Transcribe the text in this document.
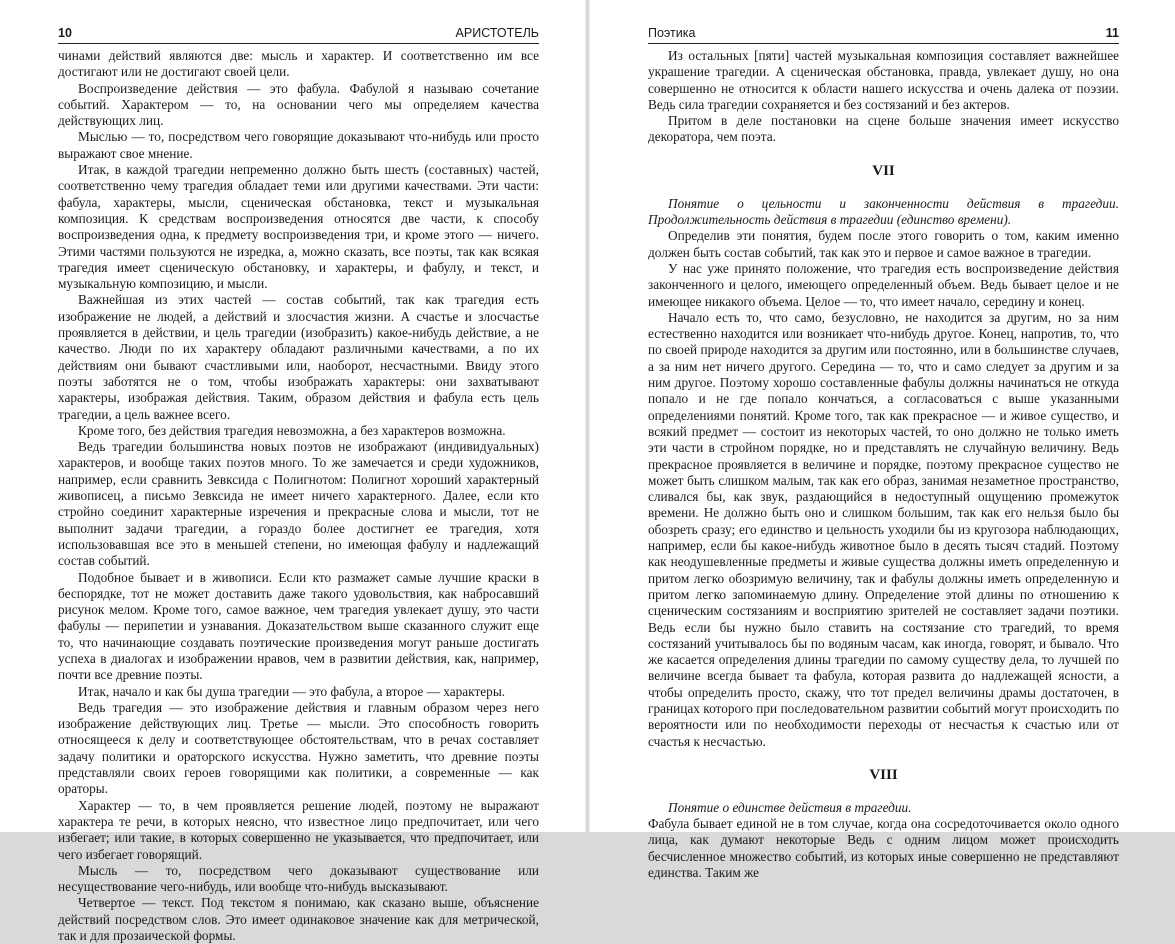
10	АРИСТОТЕЛЬ

чинами действий являются две: мысль и характер. И соответственно им все достигают или не достигают своей цели.

Воспроизведение действия — это фабула. Фабулой я называю сочетание событий. Характером — то, на основании чего мы определяем качества действующих лиц.

Мыслью — то, посредством чего говорящие доказывают что-нибудь или просто выражают свое мнение.

Итак, в каждой трагедии непременно должно быть шесть (составных) частей, соответственно чему трагедия обладает теми или другими качествами. Эти части: фабула, характеры, мысли, сценическая обстановка, текст и музыкальная композиция. К средствам воспроизведения относятся две части, к способу воспроизведения одна, к предмету воспроизведения три, и кроме этого — ничего. Этими частями пользуются не изредка, а, можно сказать, все поэты, так как всякая трагедия имеет сценическую обстановку, и характеры, и фабулу, и текст, и музыкальную композицию, и мысли.

Важнейшая из этих частей — состав событий, так как трагедия есть изображение не людей, а действий и злосчастия жизни. А счастье и злосчастье проявляется в действии, и цель трагедии (изобразить) какое-нибудь действие, а не качество. Люди по их характеру обладают различными качествами, а по их действиям они бывают счастливыми или, наоборот, несчастными. Ввиду этого поэты заботятся не о том, чтобы изображать характеры: они захватывают характеры, изображая действия. Таким, образом действия и фабула есть цель трагедии, а цель важнее всего.

Кроме того, без действия трагедия невозможна, а без характеров возможна.

Ведь трагедии большинства новых поэтов не изображают (индивидуальных) характеров, и вообще таких поэтов много. То же замечается и среди художников, например, если сравнить Зевксида с Полигнотом: Полигнот хороший характерный живописец, а письмо Зевксида не имеет ничего характерного. Далее, если кто стройно соединит характерные изречения и прекрасные слова и мысли, тот не выполнит задачи трагедии, а гораздо более достигнет ее трагедия, хотя использовавшая все это в меньшей степени, но имеющая фабулу и надлежащий состав событий.

Подобное бывает и в живописи. Если кто размажет самые лучшие краски в беспорядке, тот не может доставить даже такого удовольствия, как набросавший рисунок мелом. Кроме того, самое важное, чем трагедия увлекает душу, это части фабулы — перипетии и узнавания. Доказательством выше сказанного служит еще то, что начинающие создавать поэтические произведения могут раньше достигать успеха в диалогах и изображении нравов, чем в развитии действия, как, например, почти все древние поэты.

Итак, начало и как бы душа трагедии — это фабула, а второе — характеры.

Ведь трагедия — это изображение действия и главным образом через него изображение действующих лиц. Третье — мысли. Это способность говорить относящееся к делу и соответствующее обстоятельствам, что в речах составляет задачу политики и ораторского искусства. Нужно заметить, что древние поэты представляли своих героев говорящими как политики, а современные — как ораторы.

Характер — то, в чем проявляется решение людей, поэтому не выражают характера те речи, в которых неясно, что известное лицо предпочитает, или чего избегает; или такие, в которых совершенно не указывается, что предпочитает, или чего избегает говорящий.

Мысль — то, посредством чего доказывают существование или несуществование чего-нибудь, или вообще что-нибудь высказывают.

Четвертое — текст. Под текстом я понимаю, как сказано выше, объяснение действий посредством слов. Это имеет одинаковое значение как для метрической, так и для прозаической формы.

Поэтика	11

Из остальных [пяти] частей музыкальная композиция составляет важнейшее украшение трагедии. А сценическая обстановка, правда, увлекает душу, но она совершенно не относится к области нашего искусства и очень далека от поэзии. Ведь сила трагедии сохраняется и без состязаний и без актеров.

Притом в деле постановки на сцене больше значения имеет искусство декоратора, чем поэта.

VII

Понятие о цельности и законченности действия в трагедии. Продолжительность действия в трагедии (единство времени).

Определив эти понятия, будем после этого говорить о том, каким именно должен быть состав событий, так как это и первое и самое важное в трагедии.

У нас уже принято положение, что трагедия есть воспроизведение действия законченного и целого, имеющего определенный объем. Ведь бывает целое и не имеющее никакого объема. Целое — то, что имеет начало, середину и конец.

Начало есть то, что само, безусловно, не находится за другим, но за ним естественно находится или возникает что-нибудь другое. Конец, напротив, то, что по своей природе находится за другим или постоянно, или в большинстве случаев, а за ним нет ничего другого. Середина — то, что и само следует за другим и за ним другое. Поэтому хорошо составленные фабулы должны начинаться не откуда попало и не где попало кончаться, а согласоваться с выше указанными определениями понятий. Кроме того, так как прекрасное — и живое существо, и всякий предмет — состоит из некоторых частей, то оно должно не только иметь эти части в стройном порядке, но и представлять не случайную величину. Ведь прекрасное проявляется в величине и порядке, поэтому прекрасное существо не может быть слишком малым, так как его образ, занимая незаметное пространство, сливался бы, как звук, раздающийся в недоступный ощущению промежуток времени. Не должно быть оно и слишком большим, так как его нельзя было бы обозреть сразу; его единство и цельность уходили бы из кругозора наблюдающих, например, если бы какое-нибудь животное было в десять тысяч стадий. Поэтому как неодушевленные предметы и живые существа должны иметь определенную и притом легко обозримую величину, так и фабулы должны иметь определенную и притом легко запоминаемую длину. Определение этой длины по отношению к сценическим состязаниям и восприятию зрителей не составляет задачи поэтики. Ведь если бы нужно было ставить на состязание сто трагедий, то время состязаний учитывалось бы по водяным часам, как иногда, говорят, и бывало. Что же касается определения длины трагедии по самому существу дела, то лучшей по величине всегда бывает та фабула, которая развита до надлежащей ясности, а чтобы определить просто, скажу, что тот предел величины драмы достаточен, в границах которого при последовательном развитии событий могут происходить по вероятности или по необходимости переходы от несчастья к счастью или от счастья к несчастью.

VIII

Понятие о единстве действия в трагедии.

Фабула бывает единой не в том случае, когда она сосредоточивается около одного лица, как думают некоторые Ведь с одним лицом может происходить бесчисленное множество событий, из которых иные совершенно не представляют единства. Таким же
